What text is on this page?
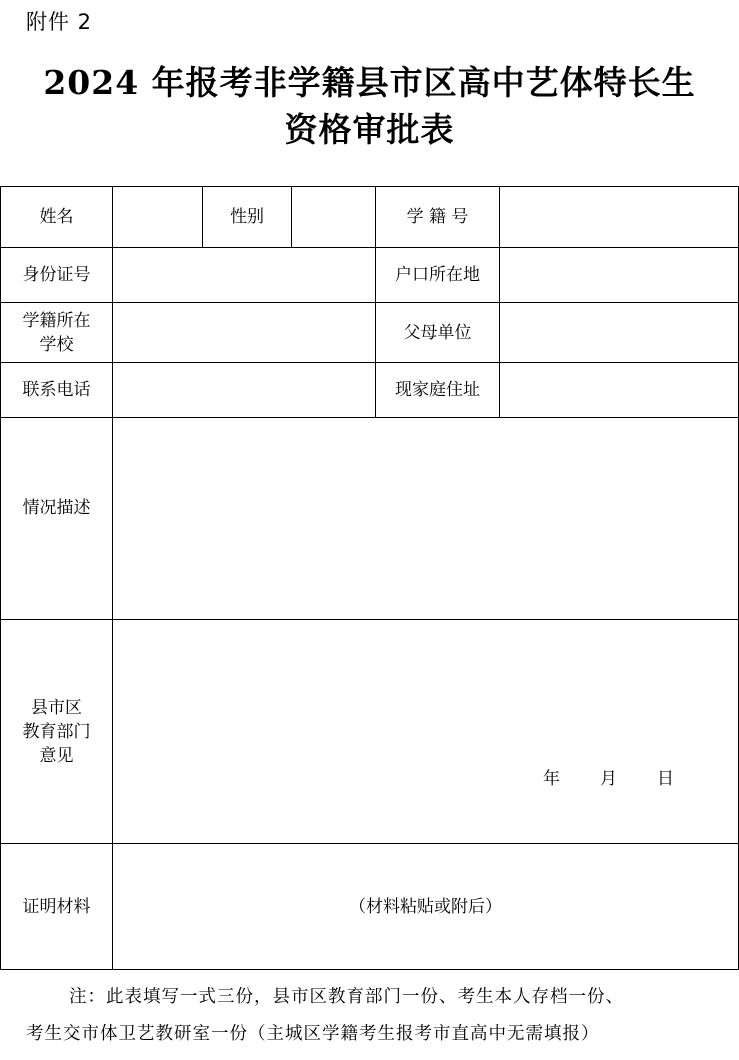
附件 2
2024 年报考非学籍县市区高中艺体特长生
资格审批表
姓名		性别		学 籍 号	
身份证号				户口所在地	

学籍所在
学校				父母单位	
联系电话				现家庭住址	
情况描述					

县市区
教育部门
意见	年 月 日				

证明材料	（材料粘贴或附后）				
注：此表填写一式三份，县市区教育部门一份、考生本人存档一份、
考生交市体卫艺教研室一份（主城区学籍考生报考市直高中无需填报）
